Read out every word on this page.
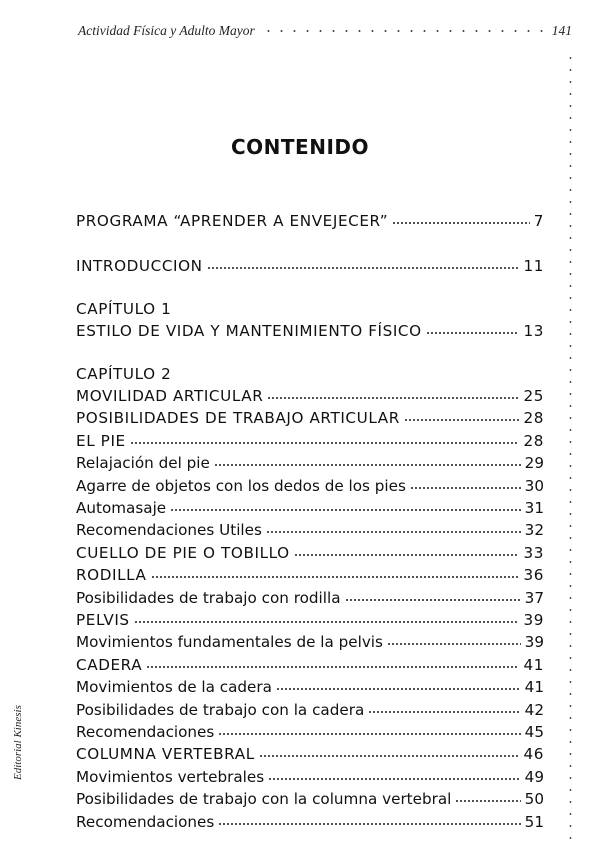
Actividad Física y Adulto Mayor	141
Editorial Kinesis
CONTENIDO
PROGRAMA “APRENDER A ENVEJECER”	7
INTRODUCCION	11
CAPÍTULO 1
ESTILO DE VIDA Y MANTENIMIENTO FÍSICO	13
CAPÍTULO 2
MOVILIDAD ARTICULAR	25
POSIBILIDADES DE TRABAJO ARTICULAR	28
EL PIE	28
Relajación del pie	29
Agarre de objetos con los dedos de los pies	30
Automasaje	31
Recomendaciones Utiles	32
CUELLO DE PIE O TOBILLO	33
RODILLA	36
Posibilidades de trabajo con rodilla	37
PELVIS	39
Movimientos fundamentales de la pelvis	39
CADERA	41
Movimientos de la cadera	41
Posibilidades de trabajo con la cadera	42
Recomendaciones	45
COLUMNA VERTEBRAL	46
Movimientos vertebrales	49
Posibilidades de trabajo con la columna vertebral	50
Recomendaciones	51
